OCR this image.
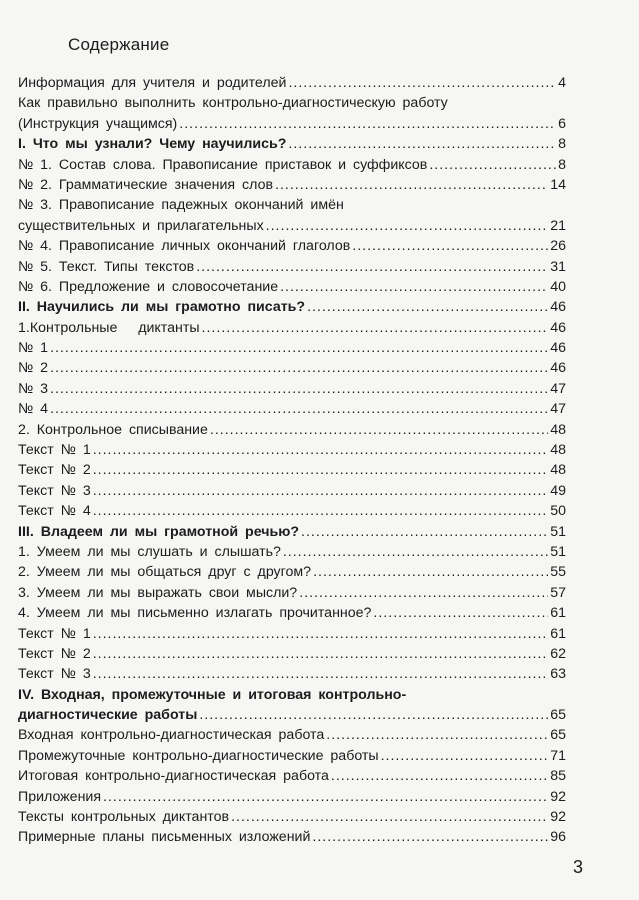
Содержание
Информация для учителя и родителей .....	4
Как правильно выполнить контрольно-диагностическую работу
(Инструкция учащимся) .....	6
I. Что мы узнали? Чему научились? .....	8
№ 1. Состав слова. Правописание приставок и суффиксов .....	8
№ 2. Грамматические значения слов .....	14
№ 3. Правописание падежных окончаний имён
существительных и прилагательных .....	21
№ 4. Правописание личных окончаний глаголов .....	26
№ 5. Текст. Типы текстов .....	31
№ 6. Предложение и словосочетание .....	40
II. Научились ли мы грамотно писать? .....	46
1.Контрольные   диктанты .....	46
№ 1 .....	46
№ 2 .....	46
№ 3 .....	47
№ 4 .....	47
2. Контрольное списывание .....	48
Текст № 1 .....	48
Текст № 2 .....	48
Текст № 3 .....	49
Текст № 4 .....	50
III. Владеем ли мы грамотной речью? .....	51
1. Умеем ли мы слушать и слышать? .....	51
2. Умеем ли мы общаться друг с другом? .....	55
3. Умеем ли мы выражать свои мысли? .....	57
4. Умеем ли мы письменно излагать прочитанное? .....	61
Текст № 1 .....	61
Текст № 2 .....	62
Текст № 3 .....	63
IV. Входная, промежуточные и итоговая контрольно-
диагностические работы .....	65
Входная контрольно-диагностическая работа .....	65
Промежуточные контрольно-диагностические работы .....	71
Итоговая контрольно-диагностическая работа .....	85
Приложения .....	92
Тексты контрольных диктантов .....	92
Примерные планы письменных изложений .....	96
3
